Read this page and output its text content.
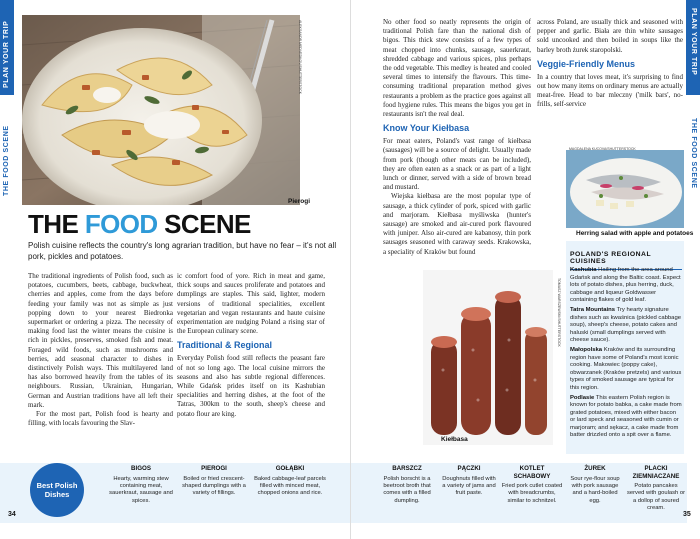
PLAN YOUR TRIP
THE FOOD SCENE
ALEKSANDR MEDVEDKOV/SHUTTERSTOCK
Pierogi
THE FOOD SCENE
Polish cuisine reflects the country's long agrarian tradition, but have no fear – it's not all pork, pickles and potatoes.

The traditional ingredients of Polish food, such as potatoes, cucumbers, beets, cabbage, buckwheat, cherries and apples, come from the days before feeding your family was not as simple as just popping down to your nearest Biedronka supermarket or ordering a pizza. The necessity of making food last the winter means the cuisine is rich in pickles, preserves, smoked fish and meat. Foraged wild foods, such as mushrooms and berries, add seasonal character to dishes in distinctively Polish ways. This multilayered land has also borrowed heavily from the tables of its neighbours. Russian, Ukrainian, Hungarian, German and Austrian traditions have all left their mark.

For the most part, Polish food is hearty and filling, with locals favouring the Slav-

ic comfort food of yore. Rich in meat and game, thick soups and sauces proliferate and potatoes and dumplings are staples. This said, lighter, modern versions of traditional specialities, excellent vegetarian and vegan restaurants and haute cuisine experimentation are nudging Poland a rising star of the European culinary scene.

Traditional & Regional

Everyday Polish food still reflects the peasant fare of not so long ago. The local cuisine mirrors the seasons and also has subtle regional differences. While Gdańsk prides itself on its Kashubian specialities and herring dishes, at the foot of the Tatras, 300km to the south, sheep's cheese and potato flour are king.

Best Polish Dishes
BIGOS
Hearty, warming stew containing meat, sauerkraut, sausage and spices.
PIEROGI
Boiled or fried crescent-shaped dumplings with a variety of fillings.
GOŁĄBKI
Baked cabbage-leaf parcels filled with minced meat, chopped onions and rice.
34
PLAN YOUR TRIP
THE FOOD SCENE

No other food so neatly represents the origin of traditional Polish fare than the national dish of bigos. This thick stew consists of a few types of meat chopped into chunks, sausage, sauerkraut, shredded cabbage and various spices, plus perhaps the odd vegetable. This medley is heated and cooled several times to intensify the flavours. This time-consuming traditional preparation method gives restaurants a problem as the practice goes against all food hygiene rules. This means the bigos you get in restaurants isn't the real deal.

Know Your Kiełbasa

For meat eaters, Poland's vast range of kiełbasa (sausages) will be a source of delight. Usually made from pork (though other meats can be included), they are often eaten as a snack or as part of a light lunch or dinner, served with a side of brown bread and mustard.

Wiejska kiełbasa are the most popular type of sausage, a thick cylinder of pork, spiced with garlic and marjoram. Kiełbasa myśliwska (hunter's sausage) are smoked and air-cured pork flavoured with juniper. Also air-cured are kabanosy, thin pork sausages seasoned with caraway seeds. Krakowska, a speciality of Kraków but found

across Poland, are usually thick and seasoned with pepper and garlic. Biała are thin white sausages sold uncooked and then boiled in soups like the barley broth żurek staropolski.

Veggie-Friendly Menus

In a country that loves meat, it's surprising to find out how many items on ordinary menus are actually meat-free. Head to bar mleczny ('milk bars', no-frills, self-service

Herring salad with apple and potatoes
MAGDALENA KUCOVA/SHUTTERSTOCK
Kiełbasa
TOMASZ WARSZEWSKI/SHUTTERSTOCK
POLAND'S REGIONAL CUISINES

Kashubia Hailing from the area around Gdańsk and along the Baltic coast. Expect lots of potato dishes, plus herring, duck, cabbage and liqueur Goldwasser containing flakes of gold leaf.

Tatra Mountains Try hearty signature dishes such as kwaśnica (pickled cabbage soup), sheep's cheese, potato cakes and haluski (small dumplings served with cheese sauce).

Małopolska Kraków and its surrounding region have some of Poland's most iconic cooking. Makowiec (poppy cake), obwarzanek (Kraków pretzels) and various types of smoked sausage are typical for this region.

Podlasie This eastern Polish region is known for potato babka, a cake made from grated potatoes, mixed with either bacon or lard speck and seasoned with cumin or marjoram; and sękacz, a cake made from batter drizzled onto a spit over a flame.

BARSZCZ
Polish borscht is a beetroot broth that comes with a filled dumpling.
PĄCZKI
Doughnuts filled with a variety of jams and fruit paste.
KOTLET SCHABOWY
Fried pork cutlet coated with breadcrumbs, similar to schnitzel.
ŻUREK
Sour rye-flour soup with pork sausage and a hard-boiled egg.
PLACKI ZIEMNIACZANE
Potato pancakes served with goulash or a dollop of soured cream.
35
